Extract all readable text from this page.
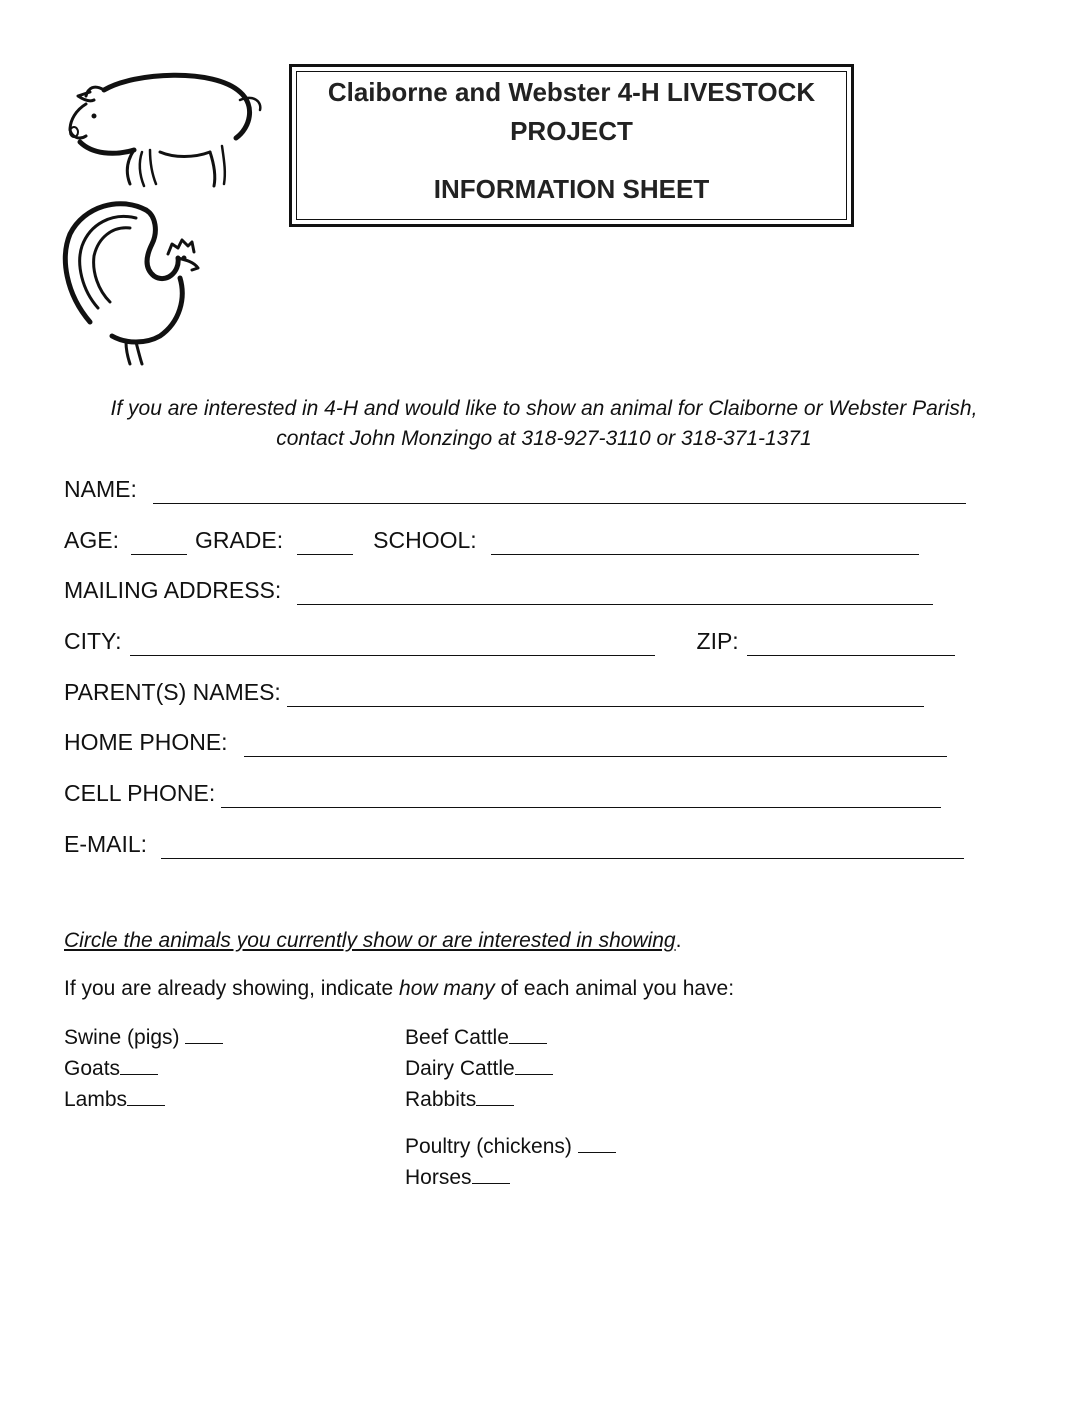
Claiborne and Webster 4-H LIVESTOCK
PROJECT
INFORMATION SHEET
If you are interested in 4-H and would like to show an animal for Claiborne or Webster Parish,
contact John Monzingo at 318-927-3110 or 318-371-1371
NAME:
AGE:	GRADE:	SCHOOL:
MAILING ADDRESS:
CITY:	ZIP:
PARENT(S) NAMES:
HOME PHONE:
CELL PHONE:
E-MAIL:
Circle the animals you currently show or are interested in showing.
If you are already showing, indicate how many of each animal you have:
Swine (pigs)
Goats
Lambs
Beef Cattle
Dairy Cattle
Rabbits
Poultry (chickens)
Horses
